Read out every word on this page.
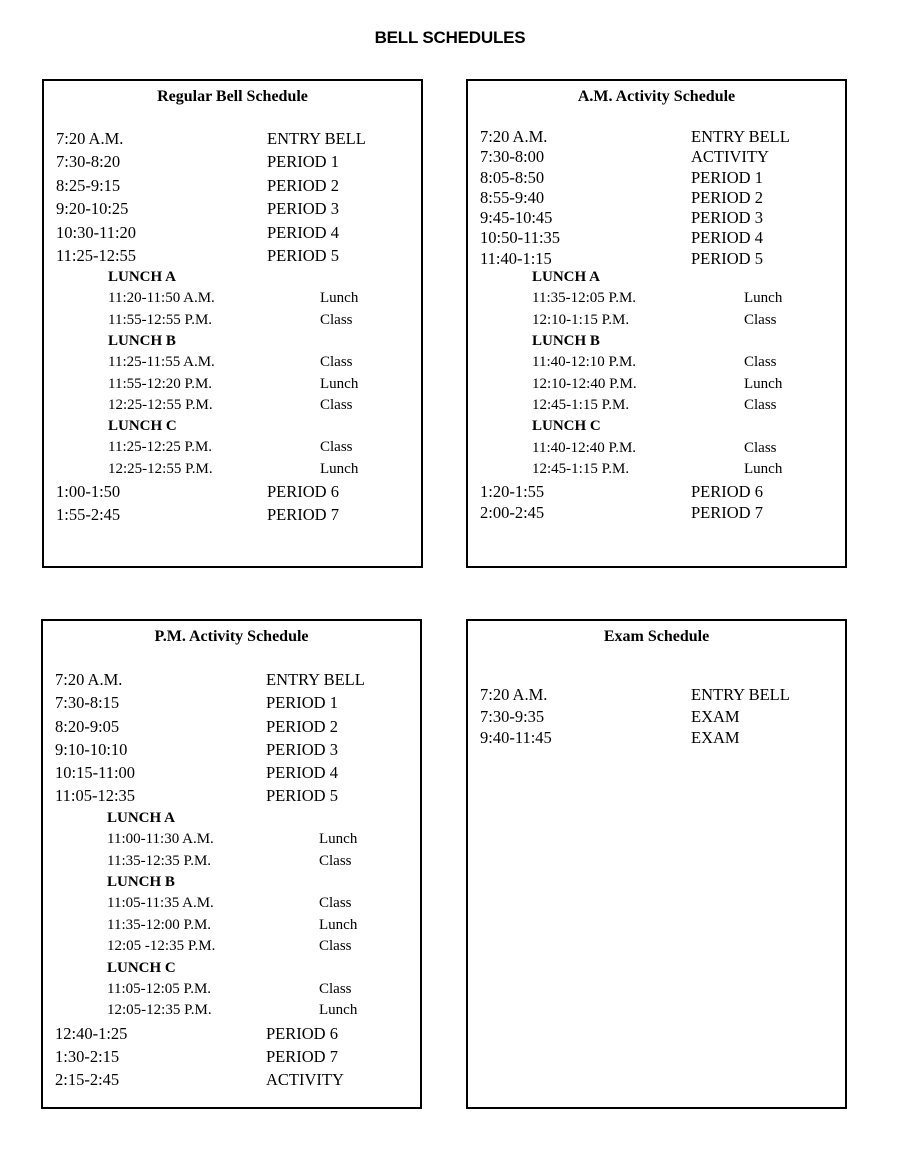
BELL SCHEDULES
Regular Bell Schedule
7:20 A.M.	ENTRY BELL
7:30-8:20	PERIOD 1
8:25-9:15	PERIOD 2
9:20-10:25	PERIOD 3
10:30-11:20	PERIOD 4
11:25-12:55	PERIOD 5
LUNCH A
11:20-11:50 A.M.	Lunch
11:55-12:55 P.M.	Class
LUNCH B
11:25-11:55 A.M.	Class
11:55-12:20 P.M.	Lunch
12:25-12:55 P.M.	Class
LUNCH C
11:25-12:25 P.M.	Class
12:25-12:55 P.M.	Lunch
1:00-1:50	PERIOD 6
1:55-2:45	PERIOD 7
A.M. Activity Schedule
7:20 A.M.	ENTRY BELL
7:30-8:00	ACTIVITY
8:05-8:50	PERIOD 1
8:55-9:40	PERIOD 2
9:45-10:45	PERIOD 3
10:50-11:35	PERIOD 4
11:40-1:15	PERIOD 5
LUNCH A
11:35-12:05 P.M.	Lunch
12:10-1:15 P.M.	Class
LUNCH B
11:40-12:10 P.M.	Class
12:10-12:40 P.M.	Lunch
12:45-1:15 P.M.	Class
LUNCH C
11:40-12:40 P.M.	Class
12:45-1:15 P.M.	Lunch
1:20-1:55	PERIOD 6
2:00-2:45	PERIOD 7
P.M. Activity Schedule
7:20 A.M.	ENTRY BELL
7:30-8:15	PERIOD 1
8:20-9:05	PERIOD 2
9:10-10:10	PERIOD 3
10:15-11:00	PERIOD 4
11:05-12:35	PERIOD 5
LUNCH A
11:00-11:30 A.M.	Lunch
11:35-12:35 P.M.	Class
LUNCH B
11:05-11:35 A.M.	Class
11:35-12:00 P.M.	Lunch
12:05 -12:35 P.M.	Class
LUNCH C
11:05-12:05 P.M.	Class
12:05-12:35 P.M.	Lunch
12:40-1:25	PERIOD 6
1:30-2:15	PERIOD 7
2:15-2:45	ACTIVITY
Exam Schedule
7:20 A.M.	ENTRY BELL
7:30-9:35	EXAM
9:40-11:45	EXAM
